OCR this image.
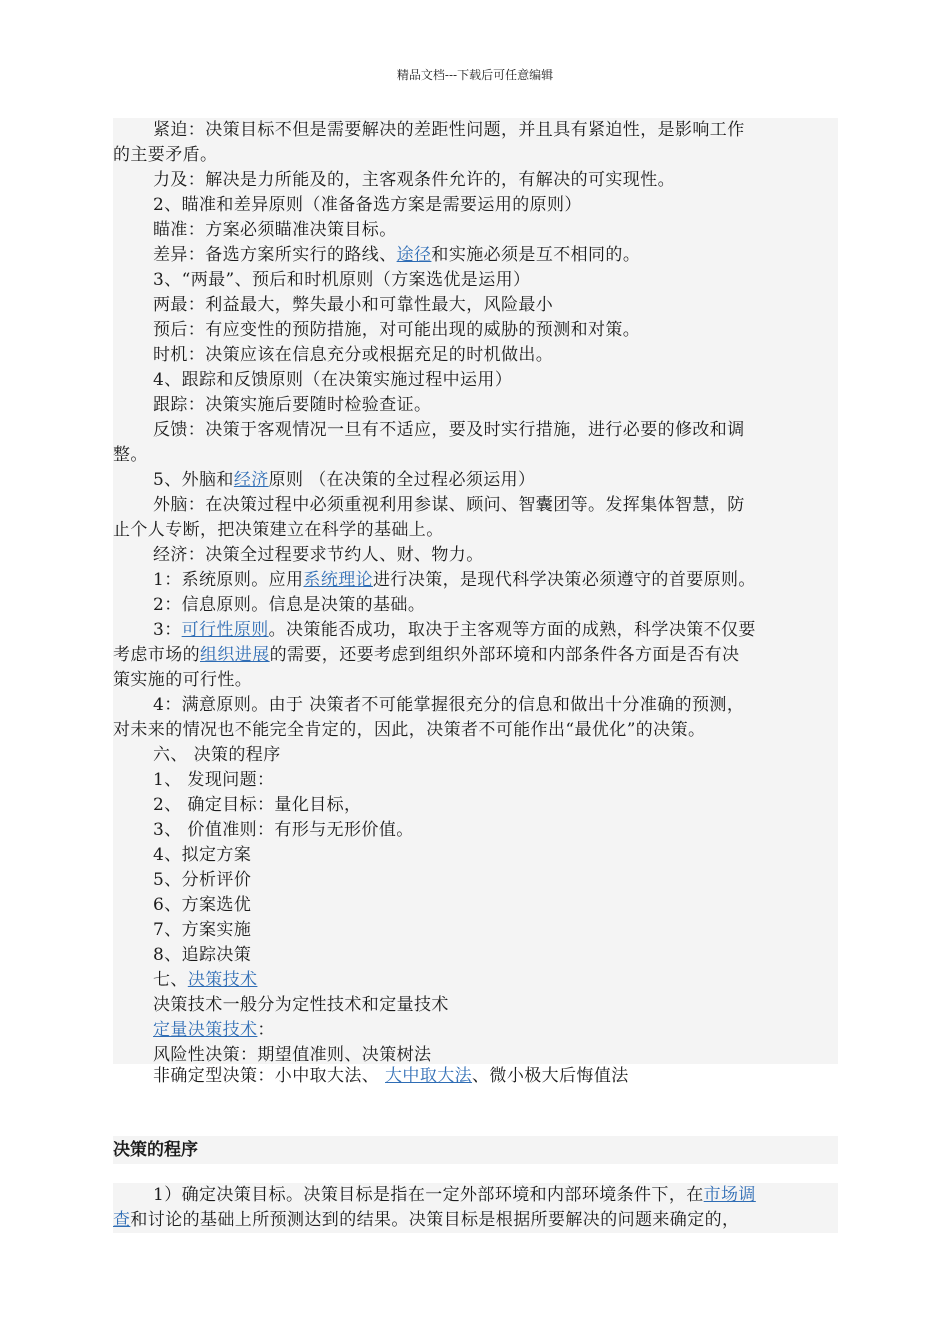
精品文档---下载后可任意编辑
紧迫：决策目标不但是需要解决的差距性问题，并且具有紧迫性，是影响工作
的主要矛盾。
力及：解决是力所能及的，主客观条件允许的，有解决的可实现性。
2、瞄准和差异原则（准备备选方案是需要运用的原则）
瞄准：方案必须瞄准决策目标。
差异：备选方案所实行的路线、途径和实施必须是互不相同的。
3、“两最”、预后和时机原则（方案选优是运用）
两最：利益最大，弊失最小和可靠性最大，风险最小
预后：有应变性的预防措施，对可能出现的威胁的预测和对策。
时机：决策应该在信息充分或根据充足的时机做出。
4、跟踪和反馈原则（在决策实施过程中运用）
跟踪：决策实施后要随时检验查证。
反馈：决策于客观情况一旦有不适应，要及时实行措施，进行必要的修改和调
整。
5、外脑和经济原则 （在决策的全过程必须运用）
外脑：在决策过程中必须重视利用参谋、顾问、智囊团等。发挥集体智慧，防
止个人专断，把决策建立在科学的基础上。
经济：决策全过程要求节约人、财、物力。
1：系统原则。应用系统理论进行决策，是现代科学决策必须遵守的首要原则。
2：信息原则。信息是决策的基础。
3：可行性原则。决策能否成功，取决于主客观等方面的成熟，科学决策不仅要
考虑市场的组织进展的需要，还要考虑到组织外部环境和内部条件各方面是否有决
策实施的可行性。
4：满意原则。由于 决策者不可能掌握很充分的信息和做出十分准确的预测，
对未来的情况也不能完全肯定的，因此，决策者不可能作出“最优化”的决策。
六、 决策的程序
1、 发现问题：
2、 确定目标：量化目标，
3、 价值准则：有形与无形价值。
4、拟定方案
5、分析评价
6、方案选优
7、方案实施
8、追踪决策
七、决策技术
决策技术一般分为定性技术和定量技术
定量决策技术：
风险性决策：期望值准则、决策树法
非确定型决策：小中取大法、 大中取大法、微小极大后悔值法
决策的程序
1）确定决策目标。决策目标是指在一定外部环境和内部环境条件下，在市场调
查和讨论的基础上所预测达到的结果。决策目标是根据所要解决的问题来确定的，
